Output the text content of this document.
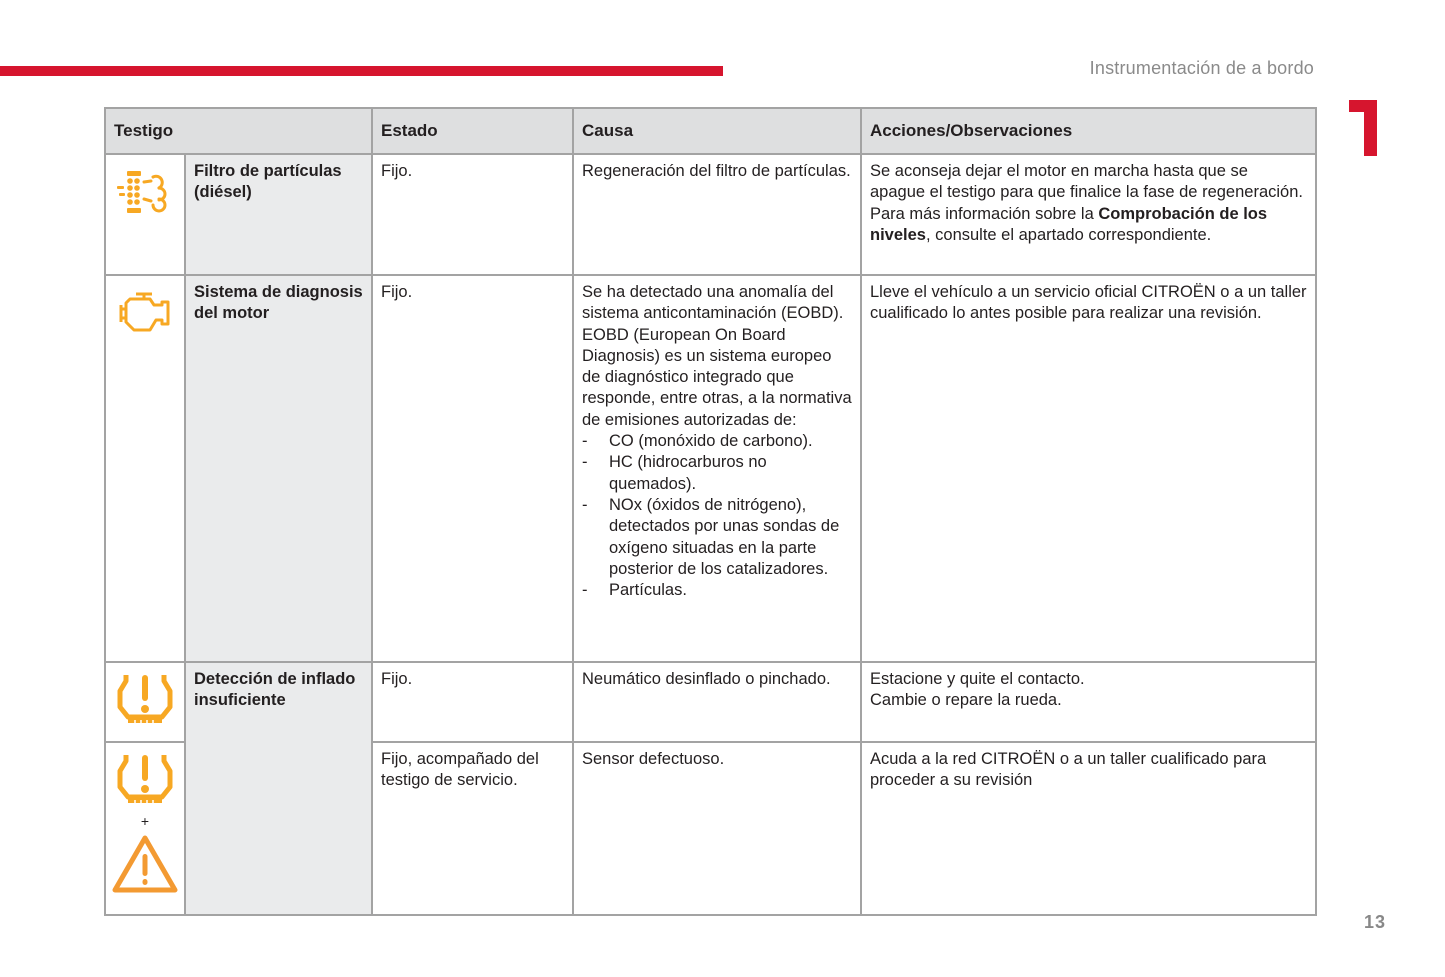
Instrumentación de a bordo
Testigo		Estado	Causa	Acciones/Observaciones

	Filtro de partículas (diésel)	Fijo.	Regeneración del filtro de partículas.	Se aconseja dejar el motor en marcha hasta que se apague el testigo para que finalice la fase de regeneración.
Para más información sobre la Comprobación de los niveles, consulte el apartado correspondiente.

	Sistema de diagnosis del motor	Fijo.	Se ha detectado una anomalía del sistema anticontaminación (EOBD). EOBD (European On Board Diagnosis) es un sistema europeo de diagnóstico integrado que responde, entre otras, a la normativa de emisiones autorizadas de:
- CO (monóxido de carbono).
- HC (hidrocarburos no quemados).
- NOx (óxidos de nitrógeno), detectados por unas sondas de oxígeno situadas en la parte posterior de los catalizadores.
- Partículas.
	Lleve el vehículo a un servicio oficial CITROËN o a un taller cualificado lo antes posible para realizar una revisión.

	Detección de inflado insuficiente	Fijo.	Neumático desinflado o pinchado.	Estacione y quite el contacto.
Cambie o repare la rueda.

+		Fijo, acompañado del testigo de servicio.	Sensor defectuoso.	Acuda a la red CITROËN o a un taller cualificado para proceder a su revisión
13
